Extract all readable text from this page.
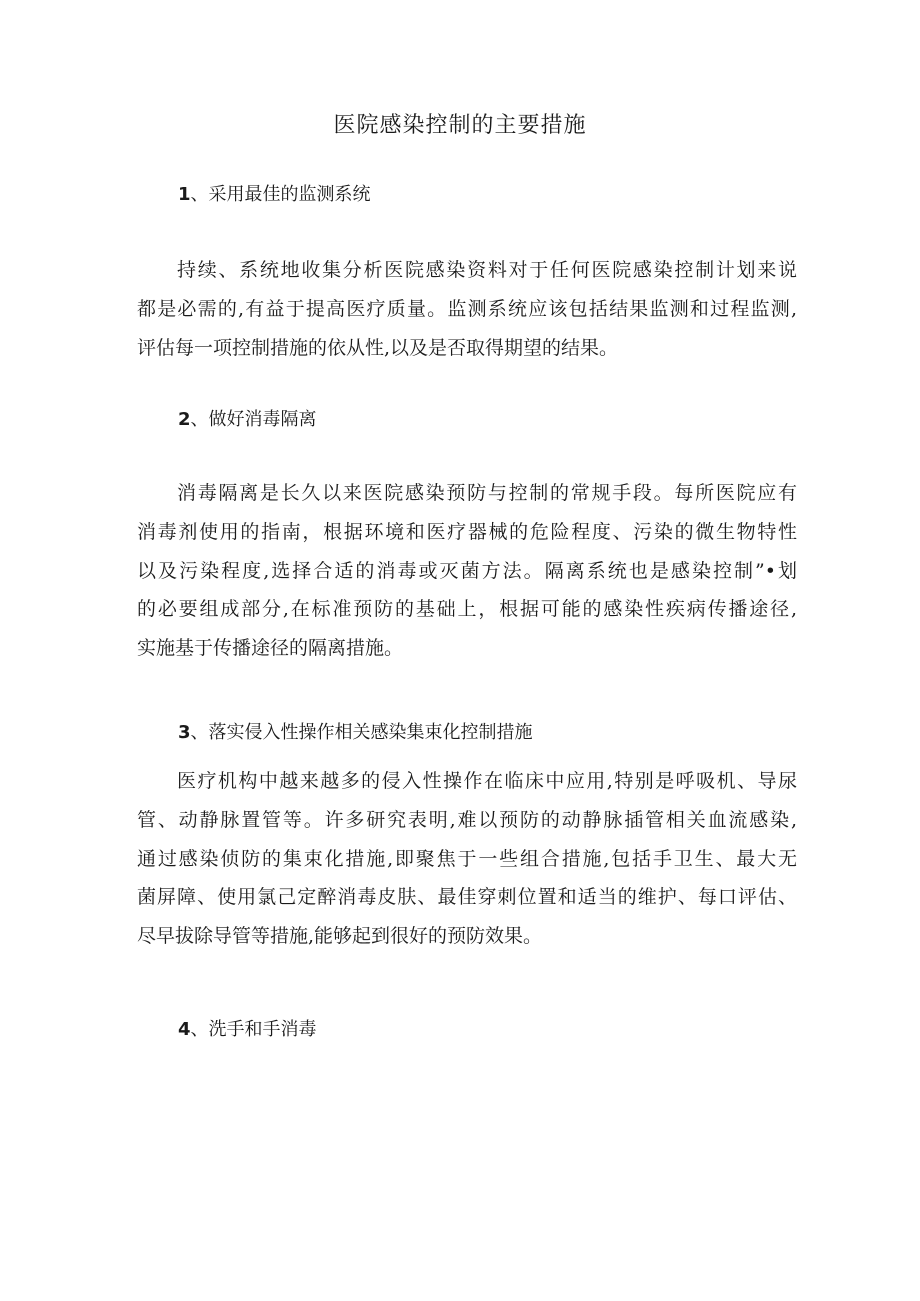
医院感染控制的主要措施
1、采用最佳的监测系统
持续、系统地收集分析医院感染资料对于任何医院感染控制计划来说
都是必需的,有益于提高医疗质量。监测系统应该包括结果监测和过程监测,
评估每一项控制措施的依从性,以及是否取得期望的结果。
2、做好消毒隔离
消毒隔离是长久以来医院感染预防与控制的常规手段。每所医院应有
消毒剂使用的指南，根据环境和医疗器械的危险程度、污染的微生物特性
以及污染程度,选择合适的消毒或灭菌方法。隔离系统也是感染控制”•划
的必要组成部分,在标准预防的基础上，根据可能的感染性疾病传播途径,
实施基于传播途径的隔离措施。
3、落实侵入性操作相关感染集束化控制措施
医疗机构中越来越多的侵入性操作在临床中应用,特别是呼吸机、导尿
管、动静脉置管等。许多研究表明,难以预防的动静脉插管相关血流感染,
通过感染侦防的集束化措施,即聚焦于一些组合措施,包括手卫生、最大无
菌屏障、使用氯己定醉消毒皮肤、最佳穿刺位置和适当的维护、每口评估、
尽早拔除导管等措施,能够起到很好的预防效果。
4、洗手和手消毒
